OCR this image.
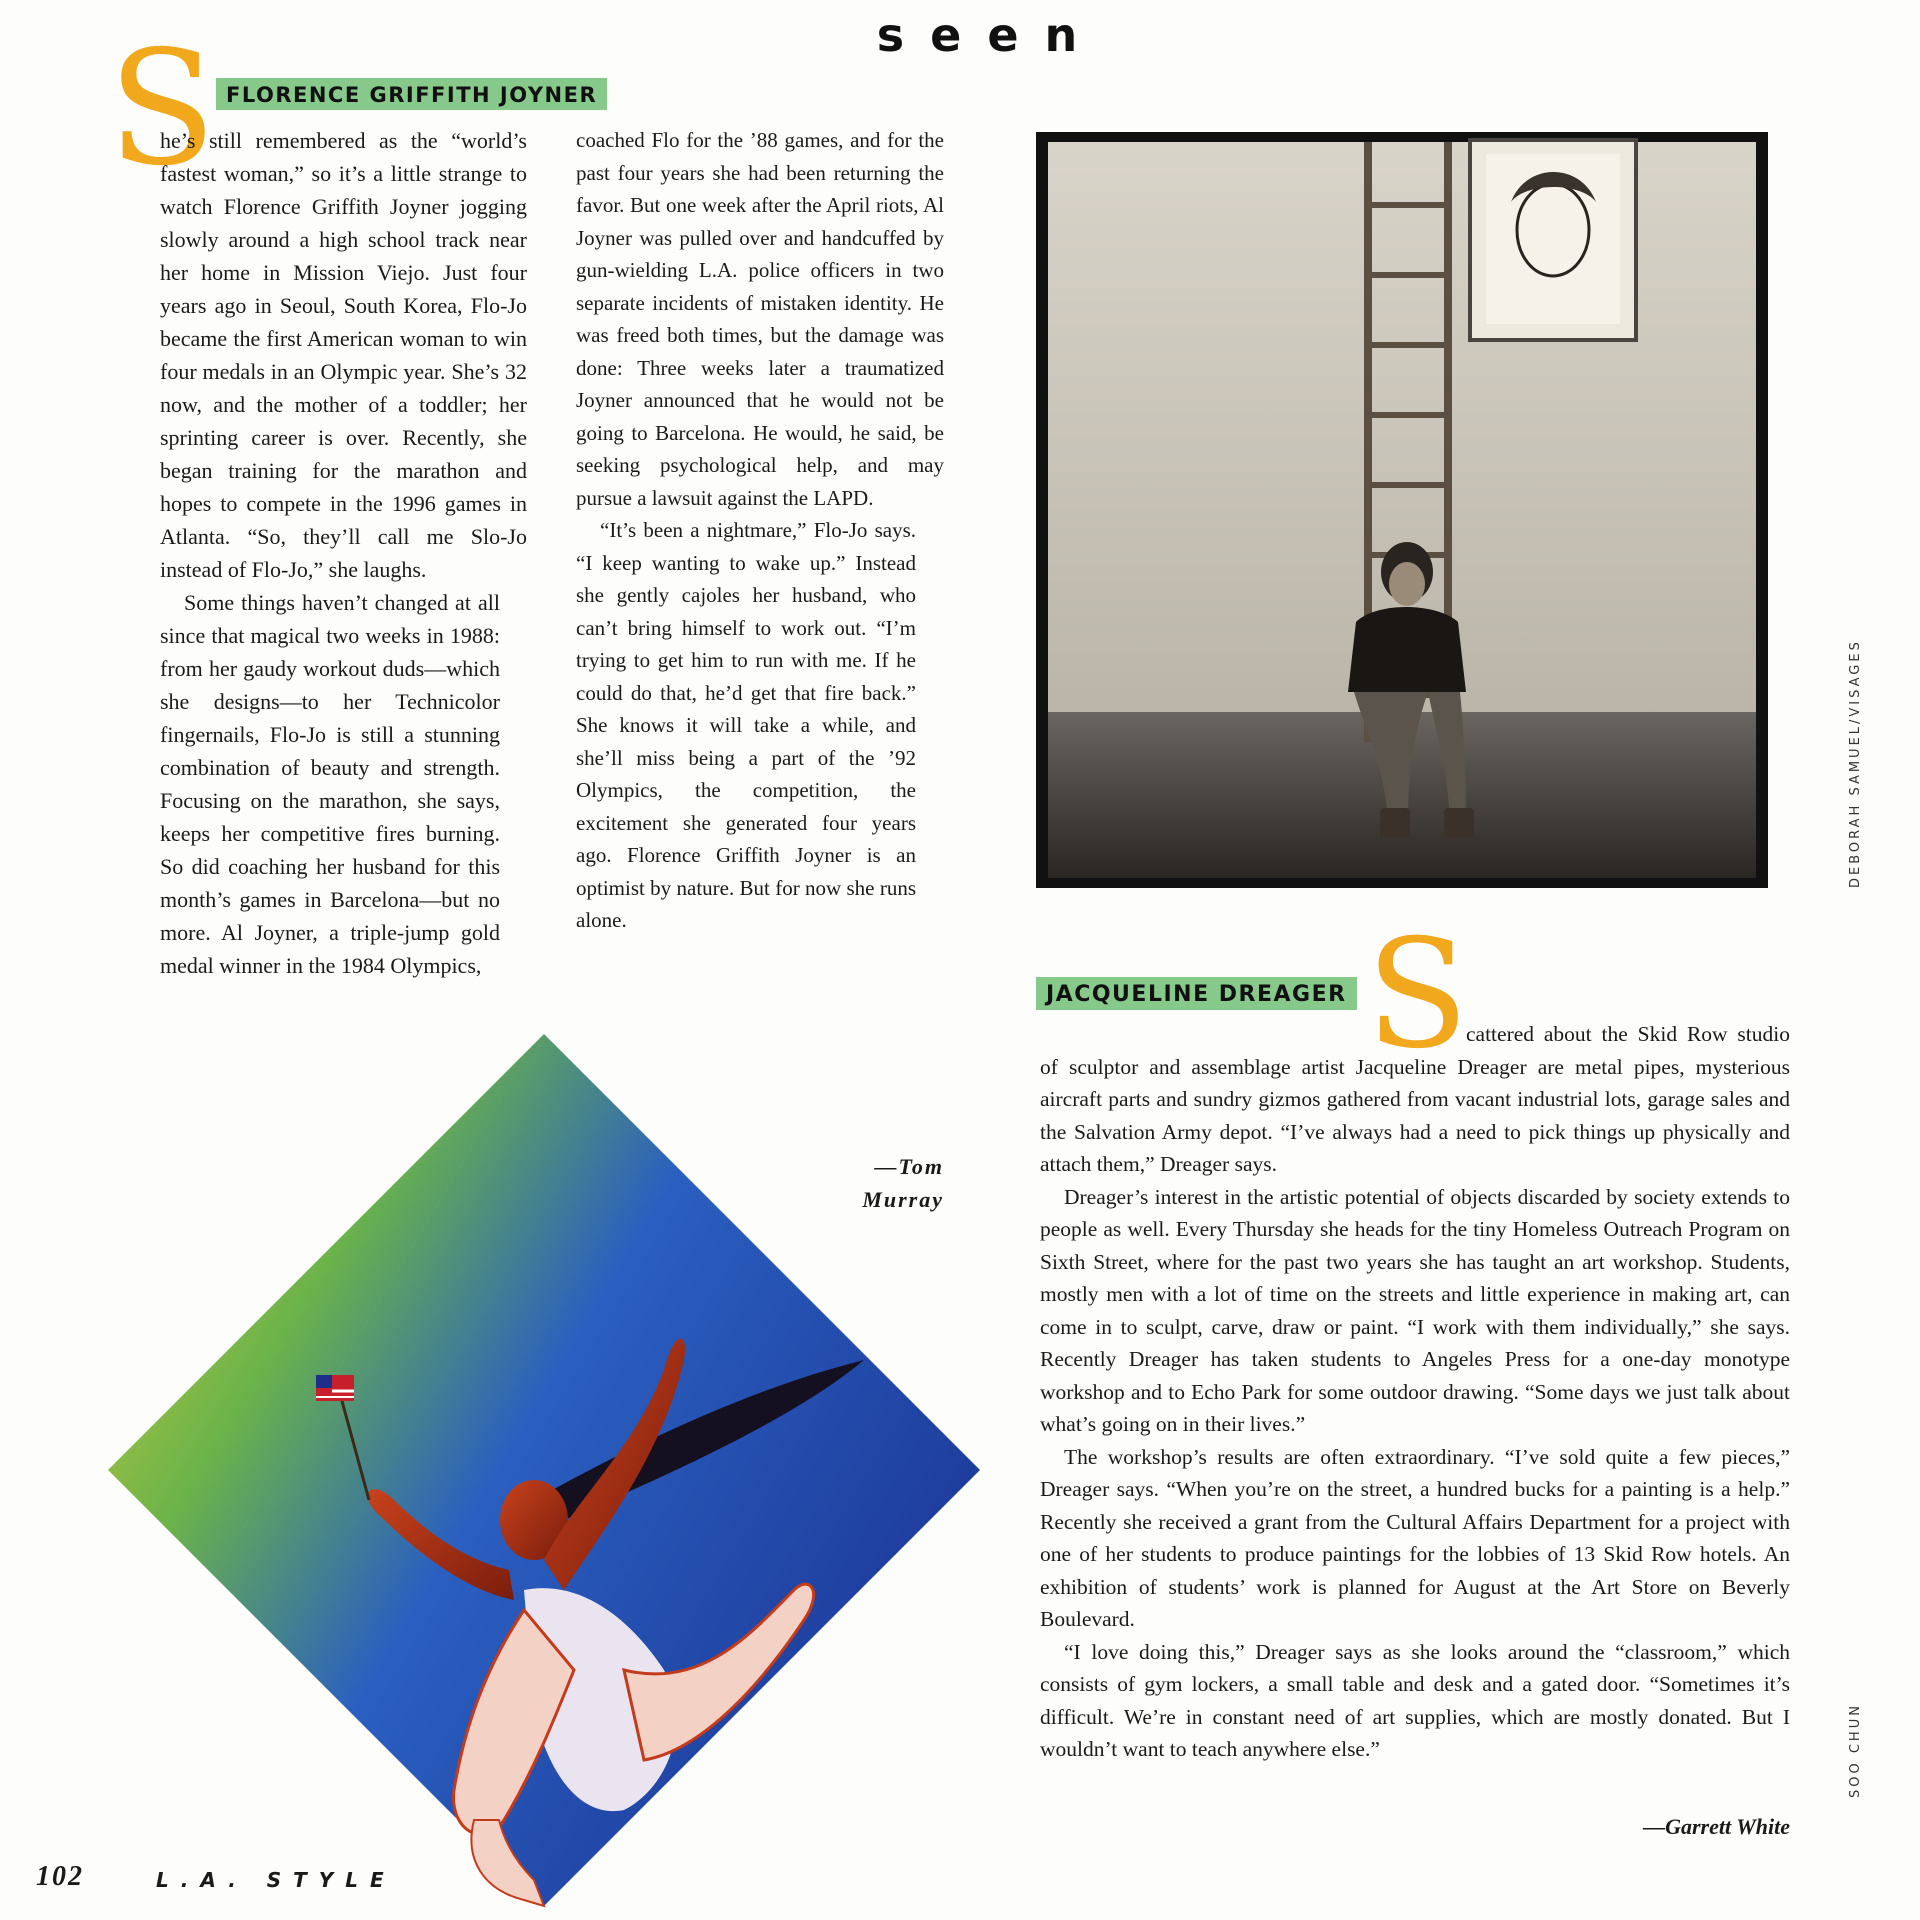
seen
S FLORENCE GRIFFITH JOYNER

he’s still remembered as the “world’s fastest woman,” so it’s a little strange to watch Florence Griffith Joyner jogging slowly around a high school track near her home in Mission Viejo. Just four years ago in Seoul, South Korea, Flo-Jo became the first American woman to win four medals in an Olympic year. She’s 32 now, and the mother of a toddler; her sprinting career is over. Recently, she began training for the marathon and hopes to compete in the 1996 games in Atlanta. “So, they’ll call me Slo-Jo instead of Flo-Jo,” she laughs.

Some things haven’t changed at all since that magical two weeks in 1988: from her gaudy workout duds—which she designs—to her Technicolor fingernails, Flo-Jo is still a stunning combination of beauty and strength. Focusing on the marathon, she says, keeps her competitive fires burning. So did coaching her husband for this month’s games in Barcelona—but no more. Al Joyner, a triple-jump gold medal winner in the 1984 Olympics,

coached Flo for the ’88 games, and for the past four years she had been returning the favor. But one week after the April riots, Al Joyner was pulled over and handcuffed by gun-wielding L.A. police officers in two separate incidents of mistaken identity. He was freed both times, but the damage was done: Three weeks later a traumatized Joyner announced that he would not be going to Barcelona. He would, he said, be seeking psychological help, and may pursue a lawsuit against the LAPD.

“It’s been a nightmare,” Flo-Jo says. “I keep wanting to wake up.” Instead she gently cajoles her husband, who can’t bring himself to work out. “I’m trying to get him to run with me. If he could do that, he’d get that fire back.” She knows it will take a while, and she’ll miss being a part of the ’92 Olympics, the competition, the excitement she generated four years ago. Florence Griffith Joyner is an optimist by nature. But for now she runs alone.

—Tom
Murray
DEBORAH SAMUEL/VISAGES
JACQUELINE DREAGER S

cattered about the Skid Row studio of sculptor and assemblage artist Jacqueline Dreager are metal pipes, mysterious aircraft parts and sundry gizmos gathered from vacant industrial lots, garage sales and the Salvation Army depot. “I’ve always had a need to pick things up physically and attach them,” Dreager says.

Dreager’s interest in the artistic potential of objects discarded by society extends to people as well. Every Thursday she heads for the tiny Homeless Outreach Program on Sixth Street, where for the past two years she has taught an art workshop. Students, mostly men with a lot of time on the streets and little experience in making art, can come in to sculpt, carve, draw or paint. “I work with them individually,” she says. Recently Dreager has taken students to Angeles Press for a one-day monotype workshop and to Echo Park for some outdoor drawing. “Some days we just talk about what’s going on in their lives.”

The workshop’s results are often extraordinary. “I’ve sold quite a few pieces,” Dreager says. “When you’re on the street, a hundred bucks for a painting is a help.” Recently she received a grant from the Cultural Affairs Department for a project with one of her students to produce paintings for the lobbies of 13 Skid Row hotels. An exhibition of students’ work is planned for August at the Art Store on Beverly Boulevard.

“I love doing this,” Dreager says as she looks around the “classroom,” which consists of gym lockers, a small table and desk and a gated door. “Sometimes it’s difficult. We’re in constant need of art supplies, which are mostly donated. But I wouldn’t want to teach anywhere else.”

—Garrett White
SOO CHUN
102	L.A. STYLE
